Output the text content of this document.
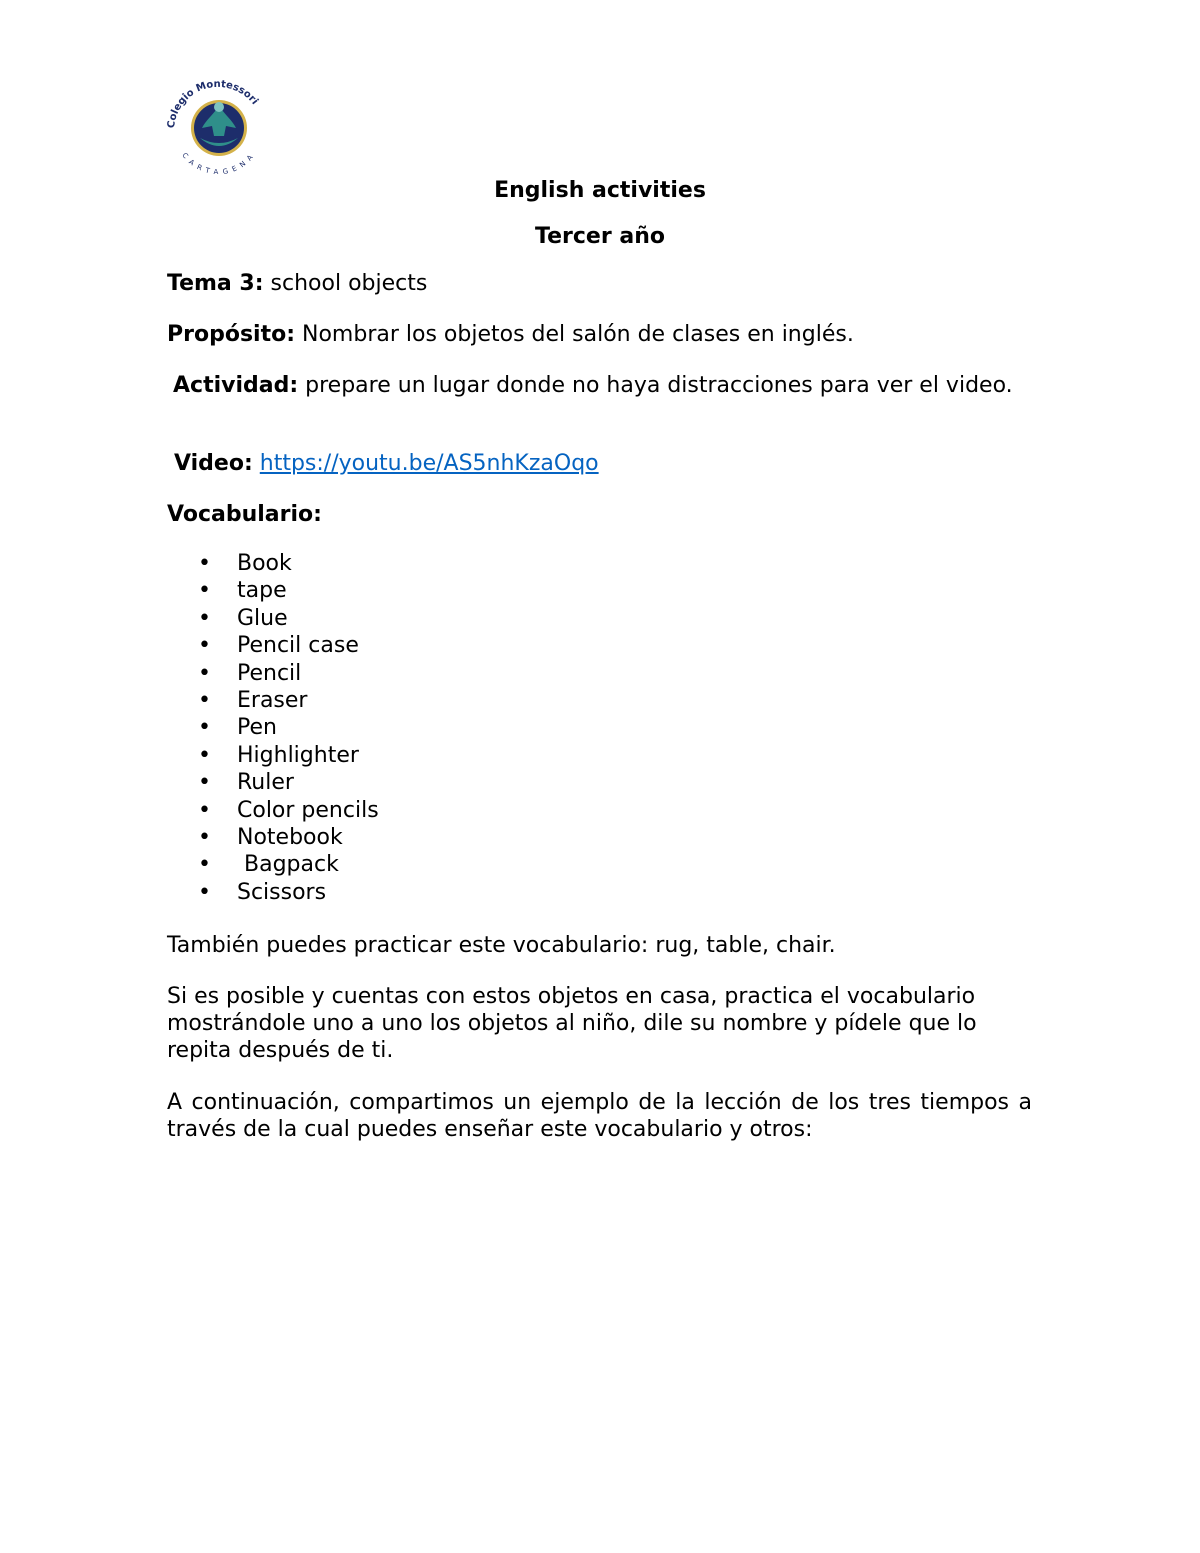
Colegio Montessori
CARTAGENA
English activities
Tercer año
Tema 3: school objects
Propósito: Nombrar los objetos del salón de clases en inglés.
Actividad: prepare un lugar donde no haya distracciones para ver el video.
Video: https://youtu.be/AS5nhKzaOqo
Vocabulario:
• Book
• tape
• Glue
• Pencil case
• Pencil
• Eraser
• Pen
• Highlighter
• Ruler
• Color pencils
• Notebook
•  Bagpack
• Scissors
También puedes practicar este vocabulario: rug, table, chair.
Si es posible y cuentas con estos objetos en casa, practica el vocabulario mostrándole uno a uno los objetos al niño, dile su nombre y pídele que lo repita después de ti.
A continuación, compartimos un ejemplo de la lección de los tres tiempos a través de la cual puedes enseñar este vocabulario y otros:
